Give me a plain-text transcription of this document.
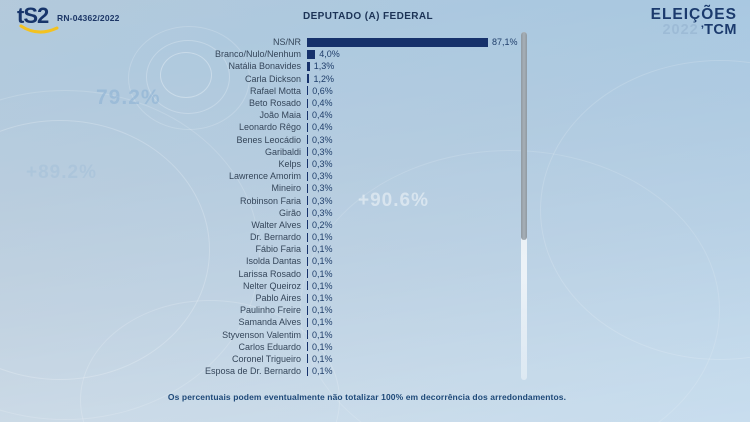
79.2%
+89.2%
+90.6%
tS2 RN-04362/2022	DEPUTADO (A) FEDERAL	ELEIÇÕES
2022 ’ TCM
NS/NR	87,1%
Branco/Nulo/Nenhum	4,0%
Natália Bonavides	1,3%
Carla Dickson	1,2%
Rafael Motta	0,6%
Beto Rosado	0,4%
João Maia	0,4%
Leonardo Rêgo	0,4%
Benes Leocádio	0,3%
Garibaldi	0,3%
Kelps	0,3%
Lawrence Amorim	0,3%
Mineiro	0,3%
Robinson Faria	0,3%
Girão	0,3%
Walter Alves	0,2%
Dr. Bernardo	0,1%
Fábio Faria	0,1%
Isolda Dantas	0,1%
Larissa Rosado	0,1%
Nelter Queiroz	0,1%
Pablo Aires	0,1%
Paulinho Freire	0,1%
Samanda Alves	0,1%
Styvenson Valentim	0,1%
Carlos Eduardo	0,1%
Coronel Trigueiro	0,1%
Esposa de Dr. Bernardo	0,1%
Os percentuais podem eventualmente não totalizar 100% em decorrência dos arredondamentos.
